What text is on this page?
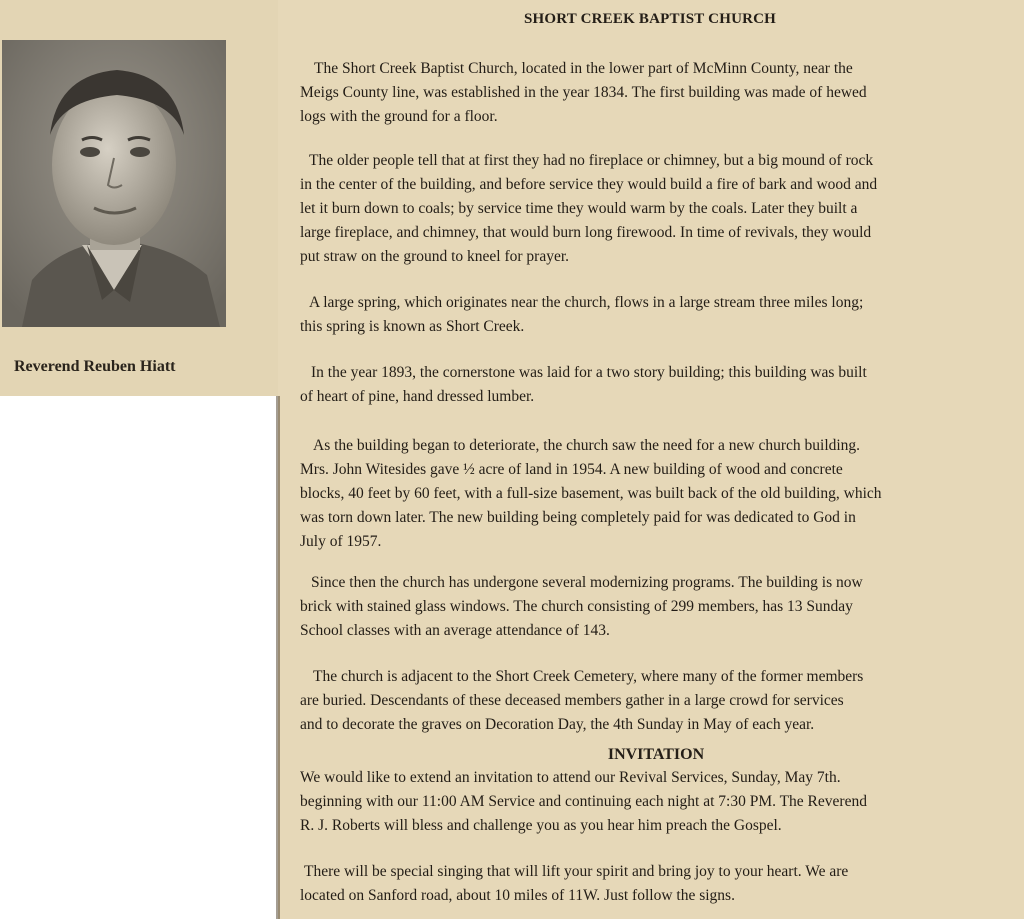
Reverend Reuben Hiatt
SHORT CREEK BAPTIST CHURCH
The Short Creek Baptist Church, located in the lower part of McMinn County, near the
Meigs County line, was established in the year 1834. The first building was made of hewed
logs with the ground for a floor.
The older people tell that at first they had no fireplace or chimney, but a big mound of rock
in the center of the building, and before service they would build a fire of bark and wood and
let it burn down to coals; by service time they would warm by the coals. Later they built a
large fireplace, and chimney, that would burn long firewood. In time of revivals, they would
put straw on the ground to kneel for prayer.
A large spring, which originates near the church, flows in a large stream three miles long;
this spring is known as Short Creek.
In the year 1893, the cornerstone was laid for a two story building; this building was built
of heart of pine, hand dressed lumber.
As the building began to deteriorate, the church saw the need for a new church building.
Mrs. John Witesides gave ½ acre of land in 1954. A new building of wood and concrete
blocks, 40 feet by 60 feet, with a full-size basement, was built back of the old building, which
was torn down later. The new building being completely paid for was dedicated to God in
July of 1957.
Since then the church has undergone several modernizing programs. The building is now
brick with stained glass windows. The church consisting of 299 members, has 13 Sunday
School classes with an average attendance of 143.
The church is adjacent to the Short Creek Cemetery, where many of the former members
are buried. Descendants of these deceased members gather in a large crowd for services
and to decorate the graves on Decoration Day, the 4th Sunday in May of each year.
INVITATION
We would like to extend an invitation to attend our Revival Services, Sunday, May 7th.
beginning with our 11:00 AM Service and continuing each night at 7:30 PM. The Reverend
R. J. Roberts will bless and challenge you as you hear him preach the Gospel.
There will be special singing that will lift your spirit and bring joy to your heart. We are
located on Sanford road, about 10 miles of 11W. Just follow the signs.
